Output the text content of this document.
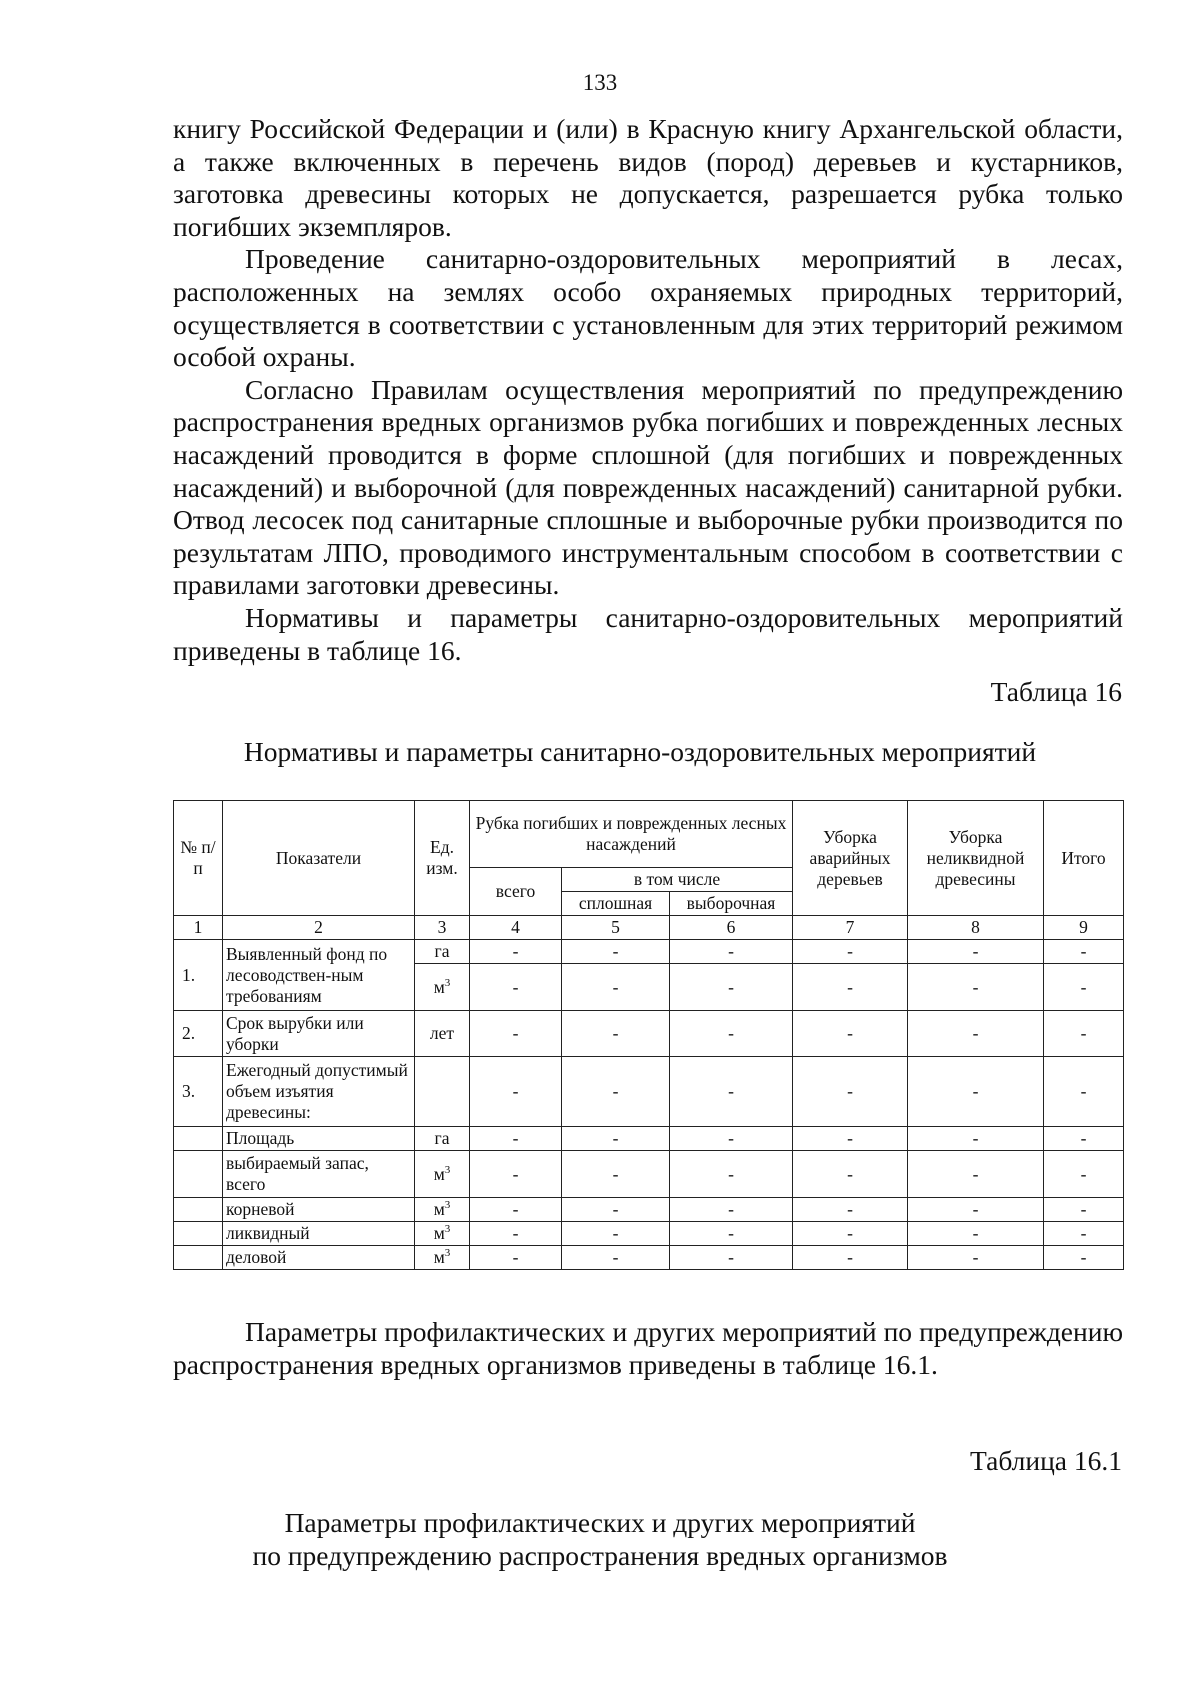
133

книгу Российской Федерации и (или) в Красную книгу Архангельской области, а также включенных в перечень видов (пород) деревьев и кустарников, заготовка древесины которых не допускается, разрешается рубка только погибших экземпляров.

Проведение санитарно-оздоровительных мероприятий в лесах, расположенных на землях особо охраняемых природных территорий, осуществляется в соответствии с установленным для этих территорий режимом особой охраны.

Согласно Правилам осуществления мероприятий по предупреждению распространения вредных организмов рубка погибших и поврежденных лесных насаждений проводится в форме сплошной (для погибших и поврежденных насаждений) и выборочной (для поврежденных насаждений) санитарной рубки. Отвод лесосек под санитарные сплошные и выборочные рубки производится по результатам ЛПО, проводимого инструментальным способом в соответствии с правилами заготовки древесины.

Нормативы и параметры санитарно-оздоровительных мероприятий приведены в таблице 16.

Таблица 16
Нормативы и параметры санитарно-оздоровительных мероприятий
№ п/ п	Показатели	Ед. изм.	Рубка погибших и поврежденных лесных насаждений			Уборка аварийных деревьев	Уборка неликвидной древесины	Итого
			всего	в том числе				
				сплошная	выборочная			
1	2	3	4	5	6	7	8	9
1.	Выявленный фонд по лесоводствен-ным требованиям	га	-	-	-	-	-	-
		$м^3$	-	-	-	-	-	-
2.	Срок вырубки или уборки	лет	-	-	-	-	-	-
3.	Ежегодный допустимый объем изъятия древесины:		-	-	-	-	-	-
	Площадь	га	-	-	-	-	-	-
	выбираемый запас, всего	$м^3$	-	-	-	-	-	-
	корневой	$м^3$	-	-	-	-	-	-
	ликвидный	$м^3$	-	-	-	-	-	-
	деловой	$м^3$	-	-	-	-	-	-

Параметры профилактических и других мероприятий по предупреждению распространения вредных организмов приведены в таблице 16.1.

Таблица 16.1
Параметры профилактических и других мероприятий
по предупреждению распространения вредных организмов
